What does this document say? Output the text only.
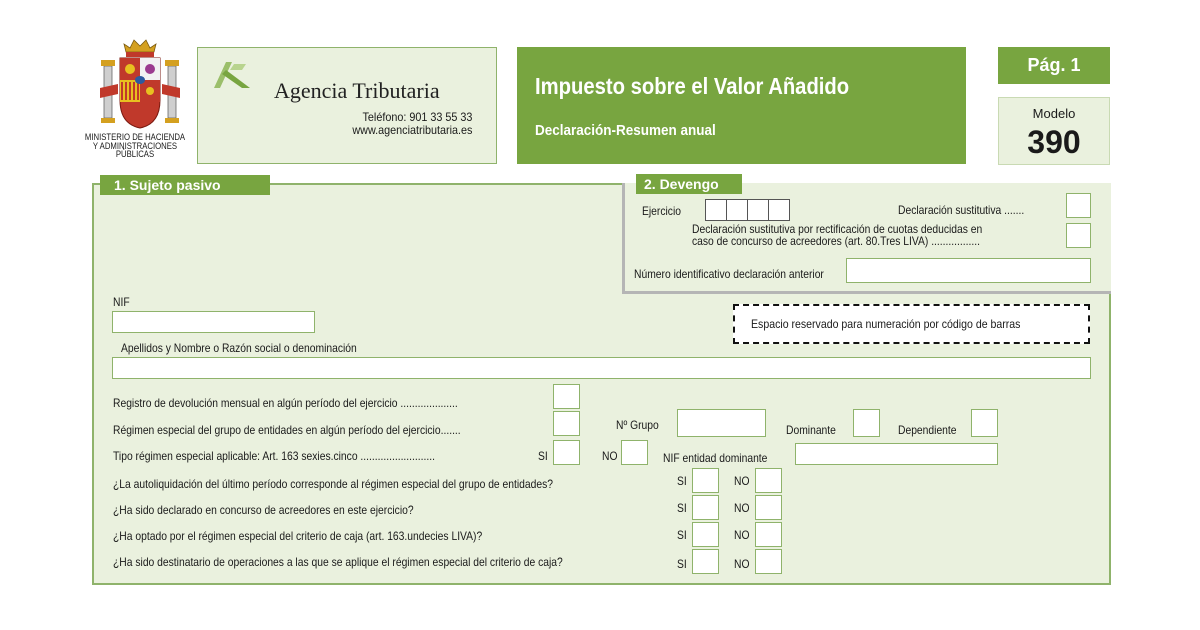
MINISTERIO DE HACIENDA
Y ADMINISTRACIONES
PÚBLICAS
Agencia Tributaria
Teléfono: 901 33 55 33
www.agenciatributaria.es
Impuesto sobre el Valor Añadido
Declaración-Resumen anual
Pág. 1
Modelo
390
1. Sujeto pasivo	2. Devengo
Ejercicio	Declaración sustitutiva .......
Declaración sustitutiva por rectificación de cuotas deducidas en
caso de concurso de acreedores (art. 80.Tres LIVA) .................
Número identificativo declaración anterior
NIF
Espacio reservado para numeración por código de barras
Apellidos y Nombre o Razón social o denominación
Registro de devolución mensual en algún período del ejercicio ....................
Régimen especial del grupo de entidades en algún período del ejercicio.......	Nº Grupo	Dominante	Dependiente
Tipo régimen especial aplicable: Art. 163 sexies.cinco ..........................	SI	NO	NIF entidad dominante
¿La autoliquidación del último período corresponde al régimen especial del grupo de entidades?	SI	NO
¿Ha sido declarado en concurso de acreedores en este ejercicio?	SI	NO
¿Ha optado por el régimen especial del criterio de caja (art. 163.undecies LIVA)?	SI	NO
¿Ha sido destinatario de operaciones a las que se aplique el régimen especial del criterio de caja?	SI	NO
